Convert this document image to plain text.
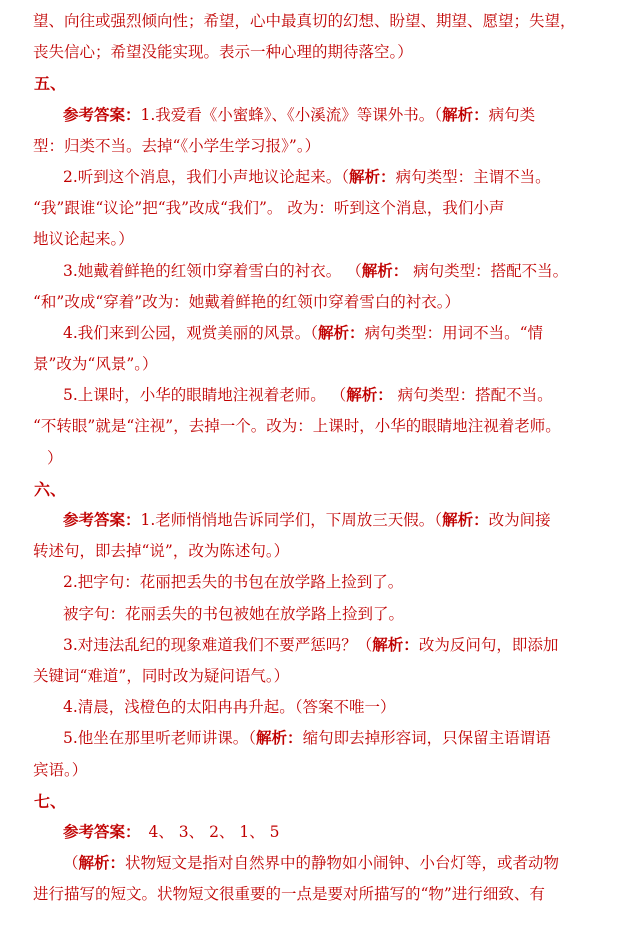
望、向往或强烈倾向性；希望，心中最真切的幻想、盼望、期望、愿望；失望，
丧失信心；希望没能实现。表示一种心理的期待落空。）
五、
参考答案：1.我爱看《小蜜蜂》、《小溪流》等课外书。（解析：病句类
型：归类不当。去掉“《小学生学习报》”。）
2.听到这个消息，我们小声地议论起来。（解析：病句类型：主谓不当。
“我”跟谁“议论”把“我”改成“我们”。 改为：听到这个消息，我们小声
地议论起来。）
3.她戴着鲜艳的红领巾穿着雪白的衬衣。 （解析： 病句类型：搭配不当。
“和”改成“穿着”改为：她戴着鲜艳的红领巾穿着雪白的衬衣。）
4.我们来到公园，观赏美丽的风景。（解析：病句类型：用词不当。“情
景”改为“风景”。）
5.上课时，小华的眼睛地注视着老师。 （解析： 病句类型：搭配不当。
“不转眼”就是“注视”，去掉一个。改为：上课时，小华的眼睛地注视着老师。
）
六、
参考答案：1.老师悄悄地告诉同学们，下周放三天假。（解析：改为间接
转述句，即去掉“说”，改为陈述句。）
2.把字句：花丽把丢失的书包在放学路上捡到了。
被字句：花丽丢失的书包被她在放学路上捡到了。
3.对违法乱纪的现象难道我们不要严惩吗？（解析：改为反问句，即添加
关键词“难道”，同时改为疑问语气。）
4.清晨，浅橙色的太阳冉冉升起。（答案不唯一）
5.他坐在那里听老师讲课。（解析：缩句即去掉形容词，只保留主语谓语
宾语。）
七、
参考答案： 4、 3、 2、 1、 5
（解析：状物短文是指对自然界中的静物如小闹钟、小台灯等，或者动物
进行描写的短文。状物短文很重要的一点是要对所描写的“物”进行细致、有
